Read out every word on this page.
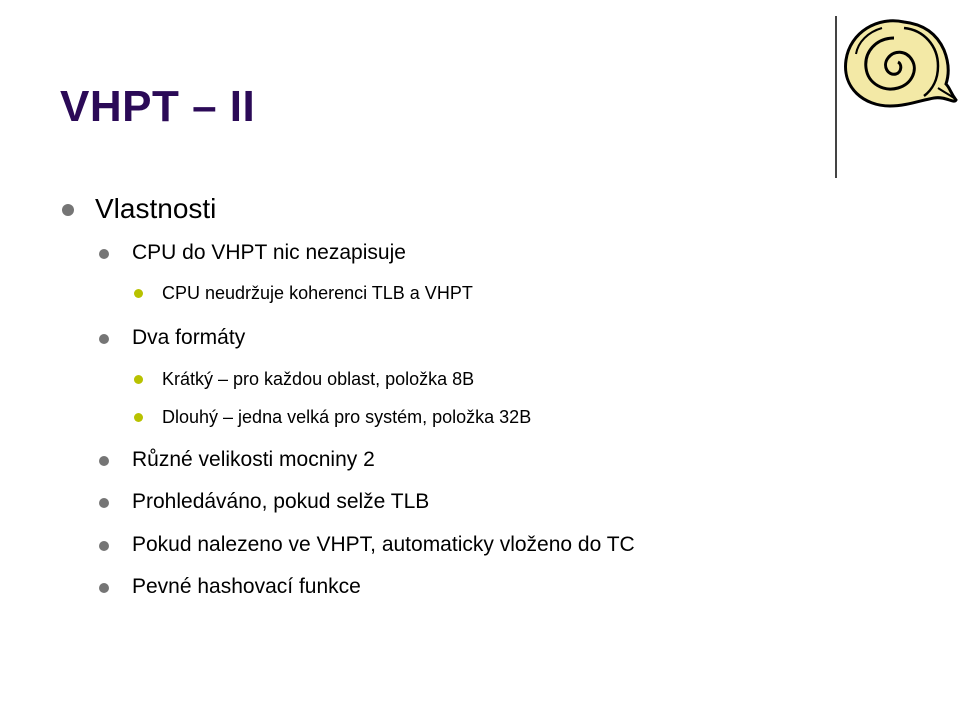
VHPT – II
Vlastnosti
CPU do VHPT nic nezapisuje
CPU neudržuje koherenci TLB a VHPT
Dva formáty
Krátký – pro každou oblast, položka 8B
Dlouhý – jedna velká pro systém, položka 32B
Různé velikosti mocniny 2
Prohledáváno, pokud selže TLB
Pokud nalezeno ve VHPT, automaticky vloženo do TC
Pevné hashovací funkce
